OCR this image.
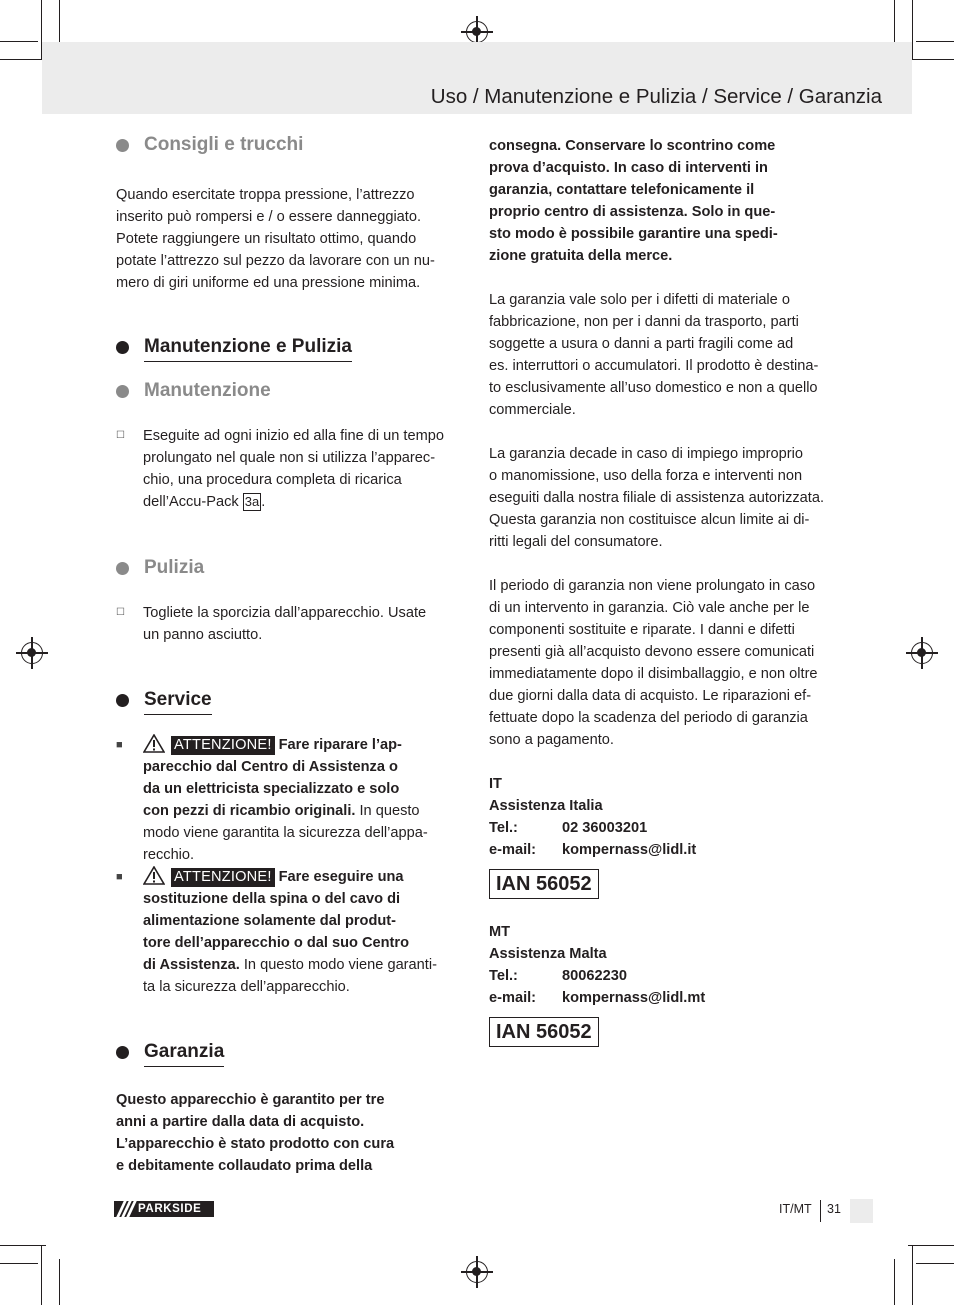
Uso / Manutenzione e Pulizia / Service / Garanzia
Consigli e trucchi

Quando esercitate troppa pressione, l’attrezzo

inserito può rompersi e / o essere danneggiato.

Potete raggiungere un risultato ottimo, quando

potate l’attrezzo sul pezzo da lavorare con un nu-

mero di giri uniforme ed una pressione minima.

Manutenzione e Pulizia
Manutenzione
☐ Eseguite ad ogni inizio ed alla fine di un tempo

prolungato nel quale non si utilizza l’apparec-

chio, una procedura completa di ricarica

dell’Accu-Pack 3a .

Pulizia
☐ Togliete la sporcizia dall’apparecchio. Usate

un panno asciutto.

Service
■	ATTENZIONE! Fare riparare l’ap-

parecchio dal Centro di Assistenza o

da un elettricista specializzato e solo

con pezzi di ricambio originali. In questo

modo viene garantita la sicurezza dell’appa-

recchio.

■	ATTENZIONE! Fare eseguire una

sostituzione della spina o del cavo di

alimentazione solamente dal produt-

tore dell’apparecchio o dal suo Centro

di Assistenza. In questo modo viene garanti-

ta la sicurezza dell’apparecchio.

Garanzia

Questo apparecchio è garantito per tre

anni a partire dalla data di acquisto.

L’apparecchio è stato prodotto con cura

e debitamente collaudato prima della

consegna. Conservare lo scontrino come

prova d’acquisto. In caso di interventi in

garanzia, contattare telefonicamente il

proprio centro di assistenza. Solo in que-

sto modo è possibile garantire una spedi-

zione gratuita della merce.

La garanzia vale solo per i difetti di materiale o

fabbricazione, non per i danni da trasporto, parti

soggette a usura o danni a parti fragili come ad

es. interruttori o accumulatori. Il prodotto è destina-

to esclusivamente all’uso domestico e non a quello

commerciale.

La garanzia decade in caso di impiego improprio

o manomissione, uso della forza e interventi non

eseguiti dalla nostra filiale di assistenza autorizzata.

Questa garanzia non costituisce alcun limite ai di-

ritti legali del consumatore.

Il periodo di garanzia non viene prolungato in caso

di un intervento in garanzia. Ciò vale anche per le

componenti sostituite e riparate. I danni e difetti

presenti già all’acquisto devono essere comunicati

immediatamente dopo il disimballaggio, e non oltre

due giorni dalla data di acquisto. Le riparazioni ef-

fettuate dopo la scadenza del periodo di garanzia

sono a pagamento.

IT

Assistenza Italia

Tel.:	02 36003201
e-mail:	kompernass@lidl.it
IAN 56052

MT

Assistenza Malta

Tel.:	80062230
e-mail:	kompernass@lidl.mt
IAN 56052
PARKSIDE	IT/MT 31
